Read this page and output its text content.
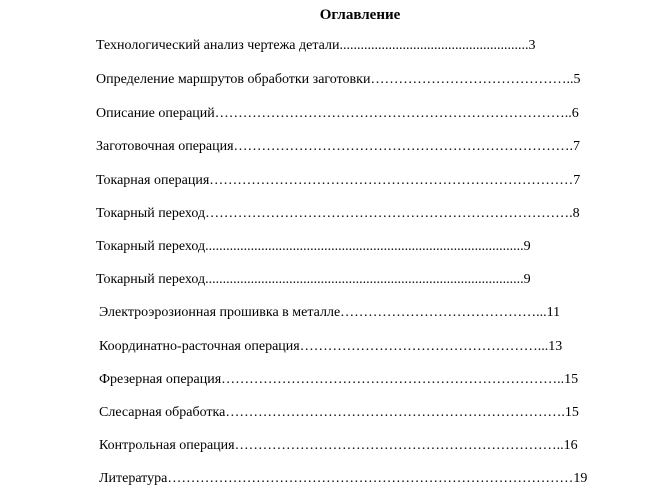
Оглавление
Технологический анализ чертежа детали......................................................3
Определение маршрутов обработки заготовки……………………………………..5
Описание операций…………………………………………………………………..6
Заготовочная операция……………………………………………………………….7
Токарная операция……………………………………………………………………7
Токарный переход…………………………………………………………………….8
Токарный переход...........................................................................................9
Токарный переход...........................................................................................9
Электроэрозионная прошивка в металле……………………………………...11
Координатно-расточная операция……………………………………………...13
Фрезерная операция………………………………………………………………..15
Слесарная обработка……………………………………………………………….15
Контрольная операция……………………………………………………………..16
Литература……………………………………………………………………………19
